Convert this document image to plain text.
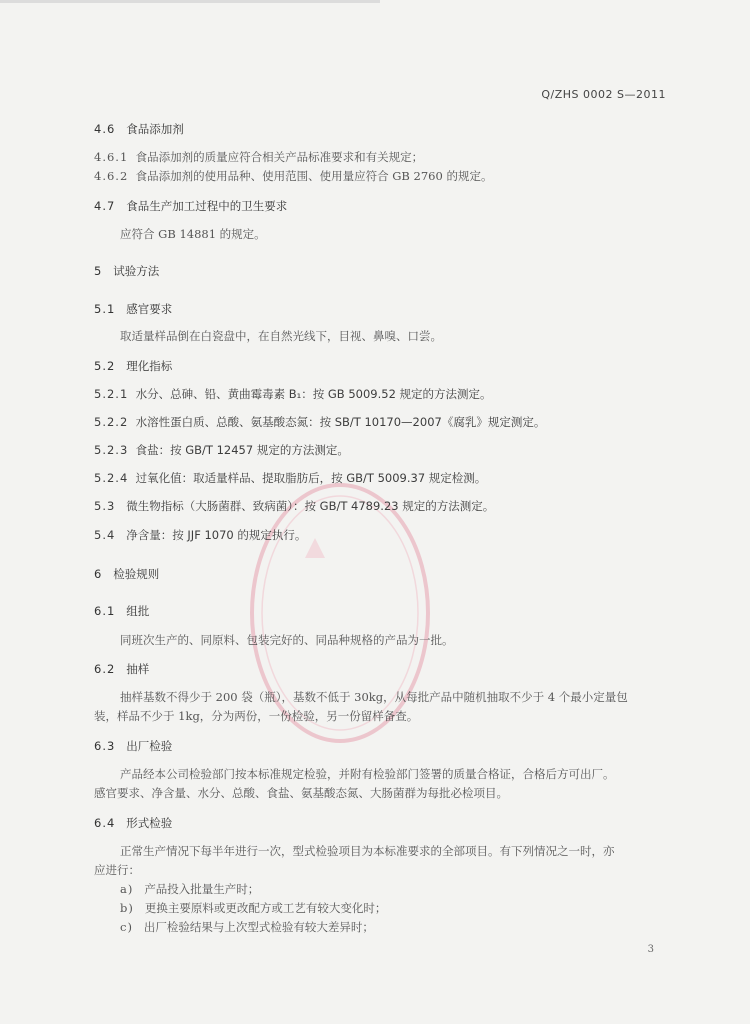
Q/ZHS 0002 S—2011
4.6 食品添加剂
4.6.1 食品添加剂的质量应符合相关产品标准要求和有关规定；
4.6.2 食品添加剂的使用品种、使用范围、使用量应符合 GB 2760 的规定。
4.7 食品生产加工过程中的卫生要求
应符合 GB 14881 的规定。
5 试验方法
5.1 感官要求
取适量样品倒在白瓷盘中，在自然光线下，目视、鼻嗅、口尝。
5.2 理化指标
5.2.1 水分、总砷、铅、黄曲霉毒素 B₁：按 GB 5009.52 规定的方法测定。
5.2.2 水溶性蛋白质、总酸、氨基酸态氮：按 SB/T 10170—2007《腐乳》规定测定。
5.2.3 食盐：按 GB/T 12457 规定的方法测定。
5.2.4 过氧化值：取适量样品、提取脂肪后，按 GB/T 5009.37 规定检测。
5.3 微生物指标（大肠菌群、致病菌）：按 GB/T 4789.23 规定的方法测定。
5.4 净含量：按 JJF 1070 的规定执行。
6 检验规则
6.1 组批
同班次生产的、同原料、包装完好的、同品种规格的产品为一批。
6.2 抽样
抽样基数不得少于 200 袋（瓶），基数不低于 30kg，从每批产品中随机抽取不少于 4 个最小定量包
装，样品不少于 1kg，分为两份，一份检验，另一份留样备查。
6.3 出厂检验
产品经本公司检验部门按本标准规定检验，并附有检验部门签署的质量合格证，合格后方可出厂。
感官要求、净含量、水分、总酸、食盐、氨基酸态氮、大肠菌群为每批必检项目。
6.4 形式检验
正常生产情况下每半年进行一次，型式检验项目为本标准要求的全部项目。有下列情况之一时，亦
应进行：
a) 产品投入批量生产时；
b) 更换主要原料或更改配方或工艺有较大变化时；
c) 出厂检验结果与上次型式检验有较大差异时；
3
